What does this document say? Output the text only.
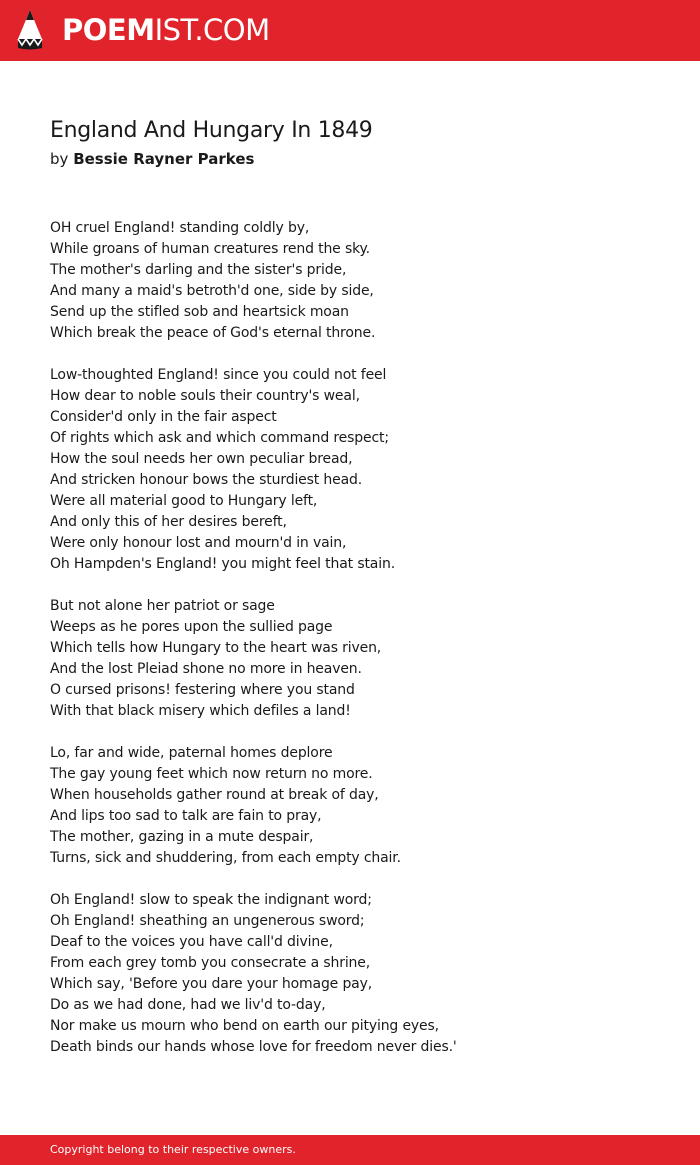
POEMIST.COM
England And Hungary In 1849
by Bessie Rayner Parkes
OH cruel England! standing coldly by,
While groans of human creatures rend the sky.
The mother's darling and the sister's pride,
And many a maid's betroth'd one, side by side,
Send up the stifled sob and heartsick moan
Which break the peace of God's eternal throne.
Low-thoughted England! since you could not feel
How dear to noble souls their country's weal,
Consider'd only in the fair aspect
Of rights which ask and which command respect;
How the soul needs her own peculiar bread,
And stricken honour bows the sturdiest head.
Were all material good to Hungary left,
And only this of her desires bereft,
Were only honour lost and mourn'd in vain,
Oh Hampden's England! you might feel that stain.
But not alone her patriot or sage
Weeps as he pores upon the sullied page
Which tells how Hungary to the heart was riven,
And the lost Pleiad shone no more in heaven.
O cursed prisons! festering where you stand
With that black misery which defiles a land!
Lo, far and wide, paternal homes deplore
The gay young feet which now return no more.
When households gather round at break of day,
And lips too sad to talk are fain to pray,
The mother, gazing in a mute despair,
Turns, sick and shuddering, from each empty chair.
Oh England! slow to speak the indignant word;
Oh England! sheathing an ungenerous sword;
Deaf to the voices you have call'd divine,
From each grey tomb you consecrate a shrine,
Which say, 'Before you dare your homage pay,
Do as we had done, had we liv'd to-day,
Nor make us mourn who bend on earth our pitying eyes,
Death binds our hands whose love for freedom never dies.'
Copyright belong to their respective owners.
